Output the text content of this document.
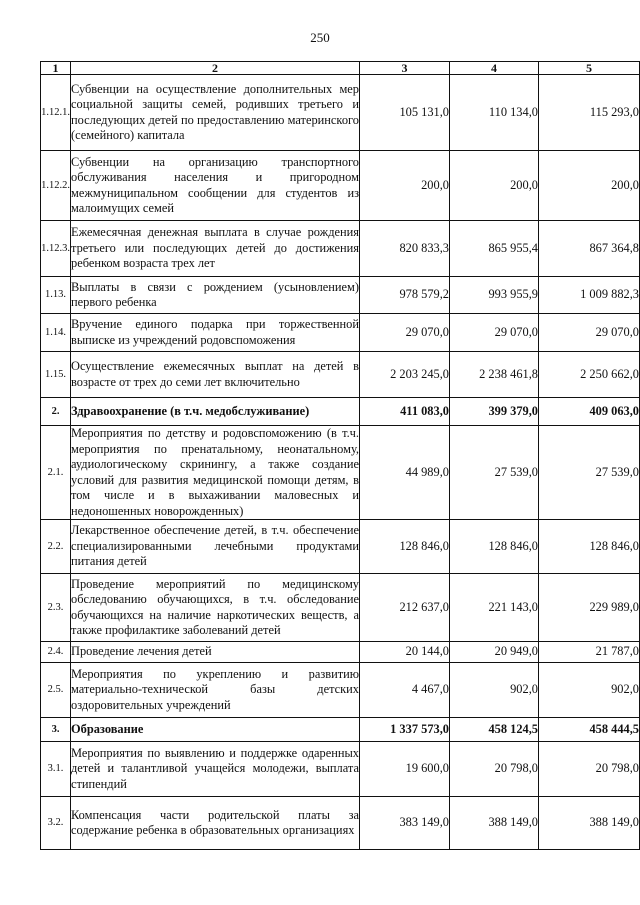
250
1	2	3	4	5
1.12.1.	Субвенции на осуществление дополнительных мер социальной защиты семей, родивших третьего и последующих детей по предоставлению материнского (семейного) капитала	105 131,0	110 134,0	115 293,0
1.12.2.	Субвенции на организацию транспортного обслуживания населения и пригородном межмуниципальном сообщении для студентов из малоимущих семей	200,0	200,0	200,0
1.12.3.	Ежемесячная денежная выплата в случае рождения третьего или последующих детей до достижения ребенком возраста трех лет	820 833,3	865 955,4	867 364,8
1.13.	Выплаты в связи с рождением (усыновлением) первого ребенка	978 579,2	993 955,9	1 009 882,3
1.14.	Вручение единого подарка при торжественной выписке из учреждений родовспоможения	29 070,0	29 070,0	29 070,0
1.15.	Осуществление ежемесячных выплат на детей в возрасте от трех до семи лет включительно	2 203 245,0	2 238 461,8	2 250 662,0
2.	Здравоохранение (в т.ч. медобслуживание)	411 083,0	399 379,0	409 063,0
2.1.	Мероприятия по детству и родовспоможению (в т.ч. мероприятия по пренатальному, неонатальному, аудиологическому скринингу, а также создание условий для развития медицинской помощи детям, в том числе и в выхаживании маловесных и недоношенных новорожденных)	44 989,0	27 539,0	27 539,0
2.2.	Лекарственное обеспечение детей, в т.ч. обеспечение специализированными лечебными продуктами питания детей	128 846,0	128 846,0	128 846,0
2.3.	Проведение мероприятий по медицинскому обследованию обучающихся, в т.ч. обследование обучающихся на наличие наркотических веществ, а также профилактике заболеваний детей	212 637,0	221 143,0	229 989,0
2.4.	Проведение лечения детей	20 144,0	20 949,0	21 787,0
2.5.	Мероприятия по укреплению и развитию материально-технической базы детских оздоровительных учреждений	4 467,0	902,0	902,0
3.	Образование	1 337 573,0	458 124,5	458 444,5
3.1.	Мероприятия по выявлению и поддержке одаренных детей и талантливой учащейся молодежи, выплата стипендий	19 600,0	20 798,0	20 798,0
3.2.	Компенсация части родительской платы за содержание ребенка в образовательных организациях	383 149,0	388 149,0	388 149,0
